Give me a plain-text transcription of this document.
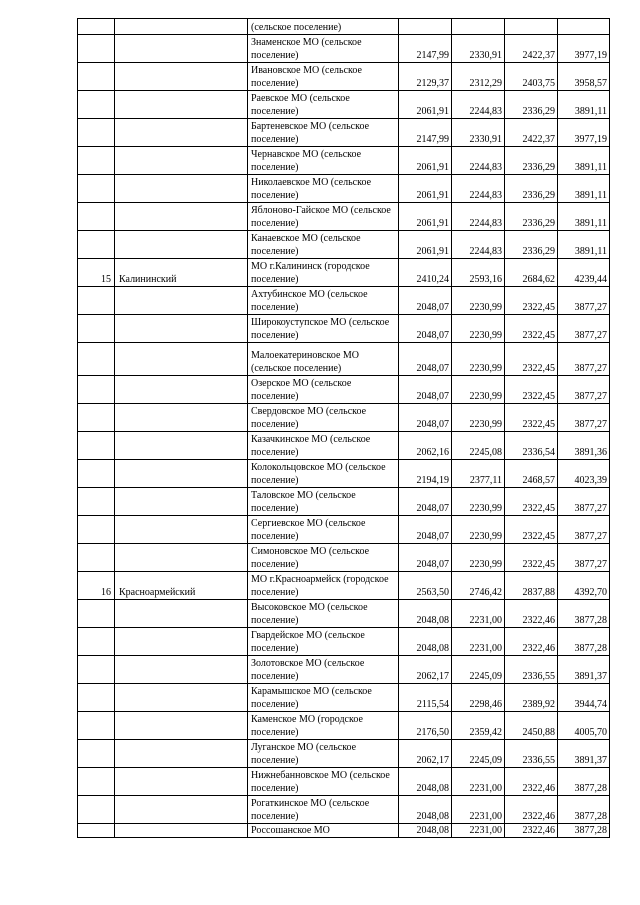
		(сельское поселение)				
		Знаменское МО (сельское поселение)	2147,99	2330,91	2422,37	3977,19
		Ивановское МО (сельское поселение)	2129,37	2312,29	2403,75	3958,57
		Раевское МО (сельское поселение)	2061,91	2244,83	2336,29	3891,11
		Бартеневское МО (сельское поселение)	2147,99	2330,91	2422,37	3977,19
		Чернавское МО (сельское поселение)	2061,91	2244,83	2336,29	3891,11
		Николаевское МО (сельское поселение)	2061,91	2244,83	2336,29	3891,11
		Яблоново-Гайское МО (сельское поселение)	2061,91	2244,83	2336,29	3891,11
		Канаевское МО (сельское поселение)	2061,91	2244,83	2336,29	3891,11
15	Калининский	МО г.Калининск (городское поселение)	2410,24	2593,16	2684,62	4239,44
		Ахтубинское МО (сельское поселение)	2048,07	2230,99	2322,45	3877,27
		Широкоуступское МО (сельское поселение)	2048,07	2230,99	2322,45	3877,27
		Малоекатериновское МО (сельское поселение)	2048,07	2230,99	2322,45	3877,27
		Озерское МО (сельское поселение)	2048,07	2230,99	2322,45	3877,27
		Свердовское МО (сельское поселение)	2048,07	2230,99	2322,45	3877,27
		Казачкинское МО (сельское поселение)	2062,16	2245,08	2336,54	3891,36
		Колокольцовское МО (сельское поселение)	2194,19	2377,11	2468,57	4023,39
		Таловское МО (сельское поселение)	2048,07	2230,99	2322,45	3877,27
		Сергиевское МО (сельское поселение)	2048,07	2230,99	2322,45	3877,27
		Симоновское МО (сельское поселение)	2048,07	2230,99	2322,45	3877,27
16	Красноармейский	МО г.Красноармейск (городское поселение)	2563,50	2746,42	2837,88	4392,70
		Высоковское МО (сельское поселение)	2048,08	2231,00	2322,46	3877,28
		Гвардейское МО (сельское поселение)	2048,08	2231,00	2322,46	3877,28
		Золотовское МО (сельское поселение)	2062,17	2245,09	2336,55	3891,37
		Карамышское МО (сельское поселение)	2115,54	2298,46	2389,92	3944,74
		Каменское МО (городское поселение)	2176,50	2359,42	2450,88	4005,70
		Луганское МО (сельское поселение)	2062,17	2245,09	2336,55	3891,37
		Нижнебанновское МО (сельское поселение)	2048,08	2231,00	2322,46	3877,28
		Рогаткинское МО (сельское поселение)	2048,08	2231,00	2322,46	3877,28
		Россошанское МО	2048,08	2231,00	2322,46	3877,28
